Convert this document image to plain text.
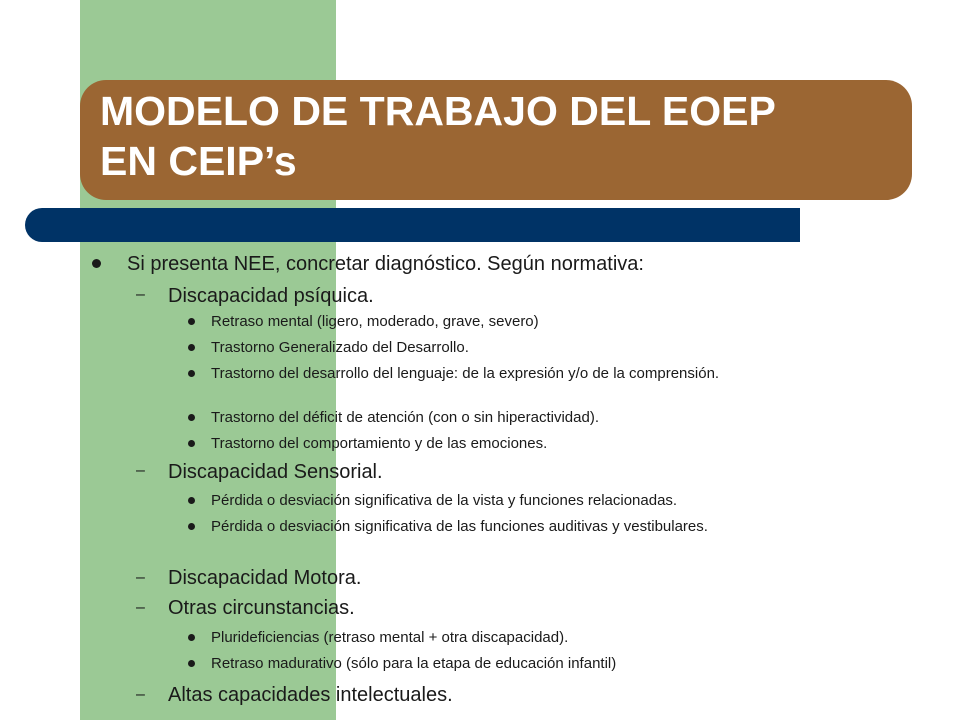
MODELO DE TRABAJO DEL EOEP
EN CEIP’s
Si presenta NEE, concretar diagnóstico. Según normativa:
– Discapacidad psíquica.
Retraso mental (ligero, moderado, grave, severo)
Trastorno Generalizado del Desarrollo.
Trastorno del desarrollo del lenguaje: de la expresión y/o de la comprensión.
Trastorno del déficit de atención (con o sin hiperactividad).
Trastorno del comportamiento y de las emociones.
– Discapacidad Sensorial.
Pérdida o desviación significativa de la vista y funciones relacionadas.
Pérdida o desviación significativa de las funciones auditivas y vestibulares.
– Discapacidad Motora.
– Otras circunstancias.
Plurideficiencias (retraso mental + otra discapacidad).
Retraso madurativo (sólo para la etapa de educación infantil)
– Altas capacidades intelectuales.
